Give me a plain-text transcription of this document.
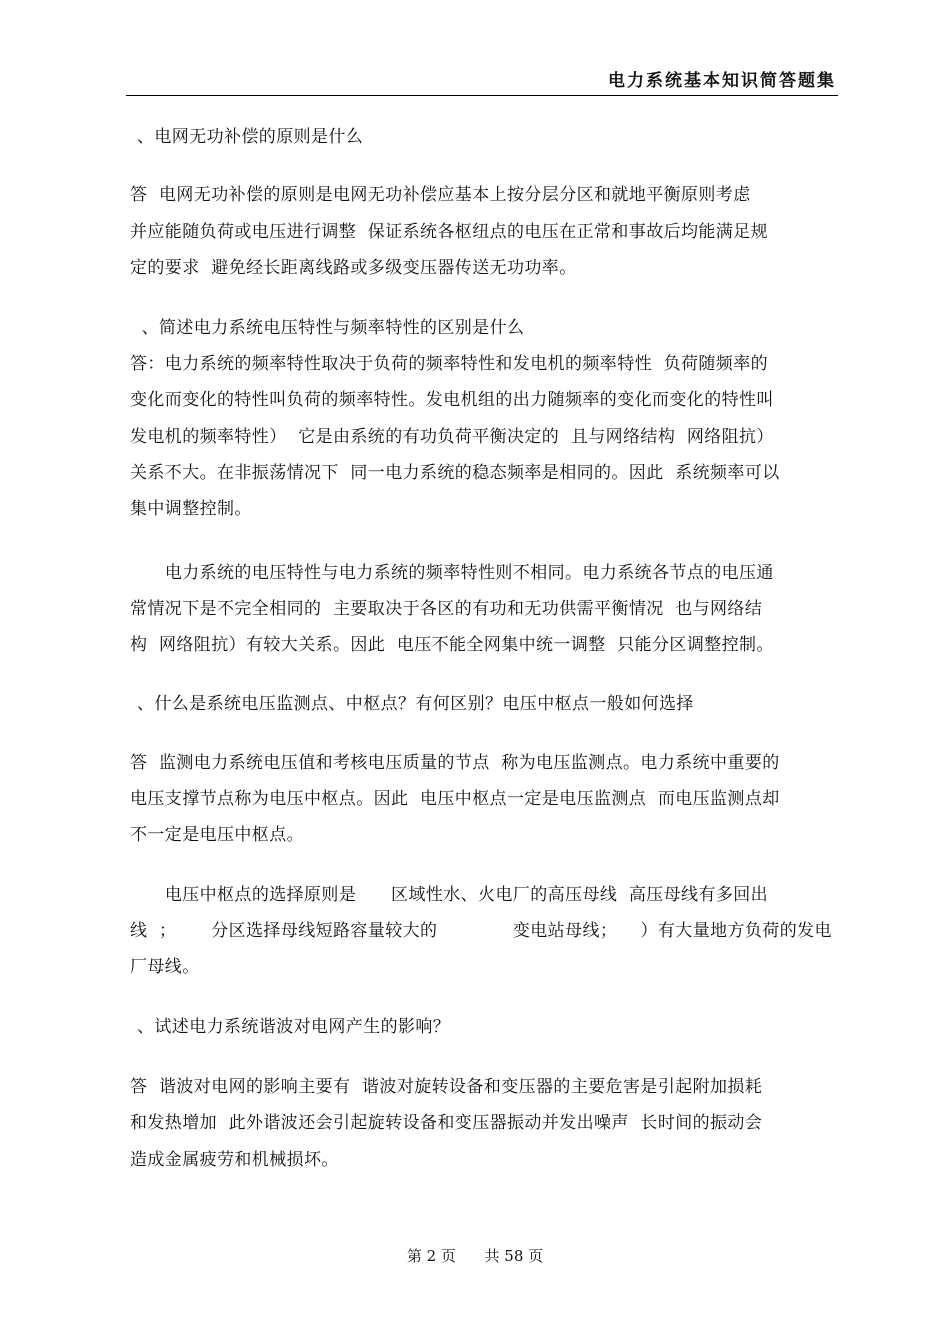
电力系统基本知识简答题集
、电网无功补偿的原则是什么
答  电网无功补偿的原则是电网无功补偿应基本上按分层分区和就地平衡原则考虑
并应能随负荷或电压进行调整  保证系统各枢纽点的电压在正常和事故后均能满足规
定的要求  避免经长距离线路或多级变压器传送无功功率。
、简述电力系统电压特性与频率特性的区别是什么
答：电力系统的频率特性取决于负荷的频率特性和发电机的频率特性  负荷随频率的
变化而变化的特性叫负荷的频率特性。发电机组的出力随频率的变化而变化的特性叫
发电机的频率特性）  它是由系统的有功负荷平衡决定的  且与网络结构  网络阻抗）
关系不大。在非振荡情况下  同一电力系统的稳态频率是相同的。因此  系统频率可以
集中调整控制。
电力系统的电压特性与电力系统的频率特性则不相同。电力系统各节点的电压通
常情况下是不完全相同的  主要取决于各区的有功和无功供需平衡情况  也与网络结
构  网络阻抗）有较大关系。因此  电压不能全网集中统一调整  只能分区调整控制。
、什么是系统电压监测点、中枢点？有何区别？电压中枢点一般如何选择
答  监测电力系统电压值和考核电压质量的节点  称为电压监测点。电力系统中重要的
电压支撑节点称为电压中枢点。因此  电压中枢点一定是电压监测点  而电压监测点却
不一定是电压中枢点。
电压中枢点的选择原则是      区域性水、火电厂的高压母线  高压母线有多回出
线  ；      分区选择母线短路容量较大的             变电站母线；    ）有大量地方负荷的发电
厂母线。
、试述电力系统谐波对电网产生的影响？
答  谐波对电网的影响主要有  谐波对旋转设备和变压器的主要危害是引起附加损耗
和发热增加  此外谐波还会引起旋转设备和变压器振动并发出噪声  长时间的振动会
造成金属疲劳和机械损坏。
第 2 页      共 58 页
